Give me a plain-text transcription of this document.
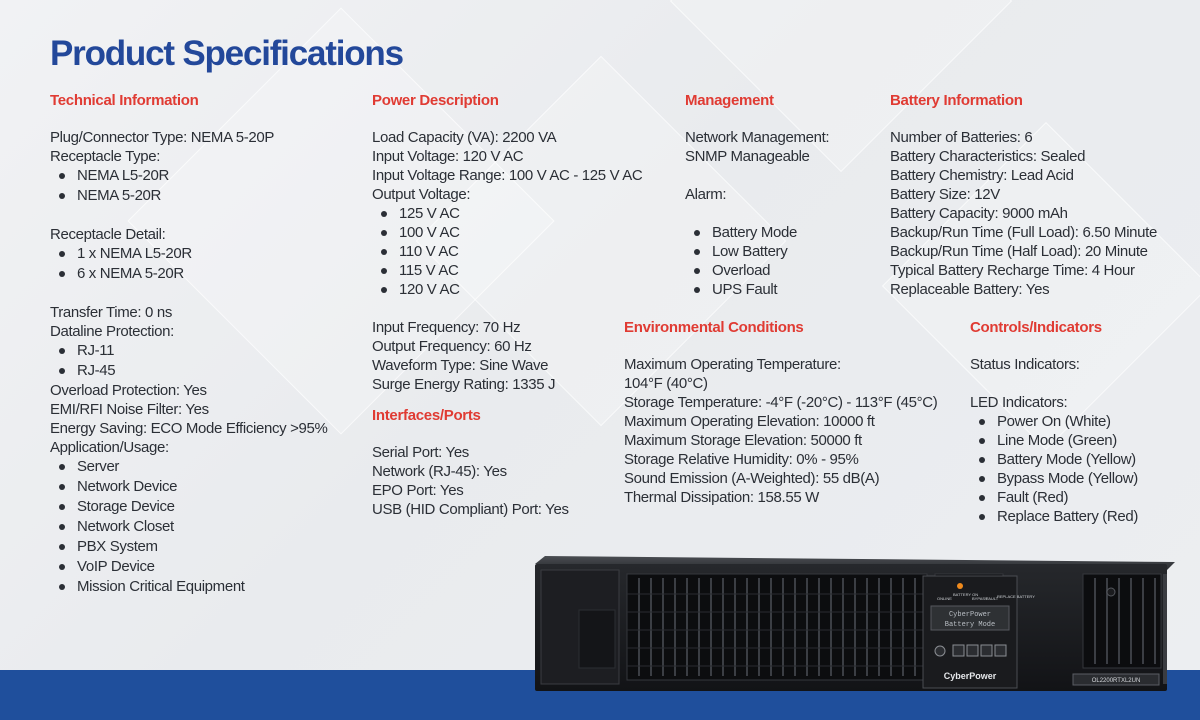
Product Specifications
Technical Information
Plug/Connector Type: NEMA 5-20P
Receptacle Type:
NEMA L5-20R
NEMA 5-20R
Receptacle Detail:
1 x NEMA L5-20R
6 x NEMA 5-20R
Transfer Time: 0 ns
Dataline Protection:
RJ-11
RJ-45
Overload Protection: Yes
EMI/RFI Noise Filter: Yes
Energy Saving: ECO Mode Efficiency >95%
Application/Usage:
Server
Network Device
Storage Device
Network Closet
PBX System
VoIP Device
Mission Critical Equipment
Power Description
Load Capacity (VA): 2200 VA
Input Voltage: 120 V AC
Input Voltage Range: 100 V AC - 125 V AC
Output Voltage:
125 V AC
100 V AC
110 V AC
115 V AC
120 V AC
Input Frequency: 70 Hz
Output Frequency: 60 Hz
Waveform Type: Sine Wave
Surge Energy Rating: 1335 J
Interfaces/Ports
Serial Port: Yes
Network (RJ-45): Yes
EPO Port: Yes
USB (HID Compliant) Port: Yes
Management
Network Management:
SNMP Manageable
Alarm:
Battery Mode
Low Battery
Overload
UPS Fault
Environmental Conditions
Maximum Operating Temperature:
104°F (40°C)
Storage Temperature: -4°F (-20°C) - 113°F (45°C)
Maximum Operating Elevation: 10000 ft
Maximum Storage Elevation: 50000 ft
Storage Relative Humidity: 0% - 95%
Sound Emission (A-Weighted): 55 dB(A)
Thermal Dissipation: 158.55 W
Battery Information
Number of Batteries: 6
Battery Characteristics: Sealed
Battery Chemistry: Lead Acid
Battery Size: 12V
Battery Capacity: 9000 mAh
Backup/Run Time (Full Load): 6.50 Minute
Backup/Run Time (Half Load): 20 Minute
Typical Battery Recharge Time: 4 Hour
Replaceable Battery: Yes
Controls/Indicators
Status Indicators:
LED Indicators:
Power On (White)
Line Mode (Green)
Battery Mode (Yellow)
Bypass Mode (Yellow)
Fault (Red)
Replace Battery (Red)
ONLINE
BATTERY ON
BYPASS
FAULT
REPLACE BATTERY
CyberPower
Battery Mode
CyberPower	OL2200RTXL2UN
